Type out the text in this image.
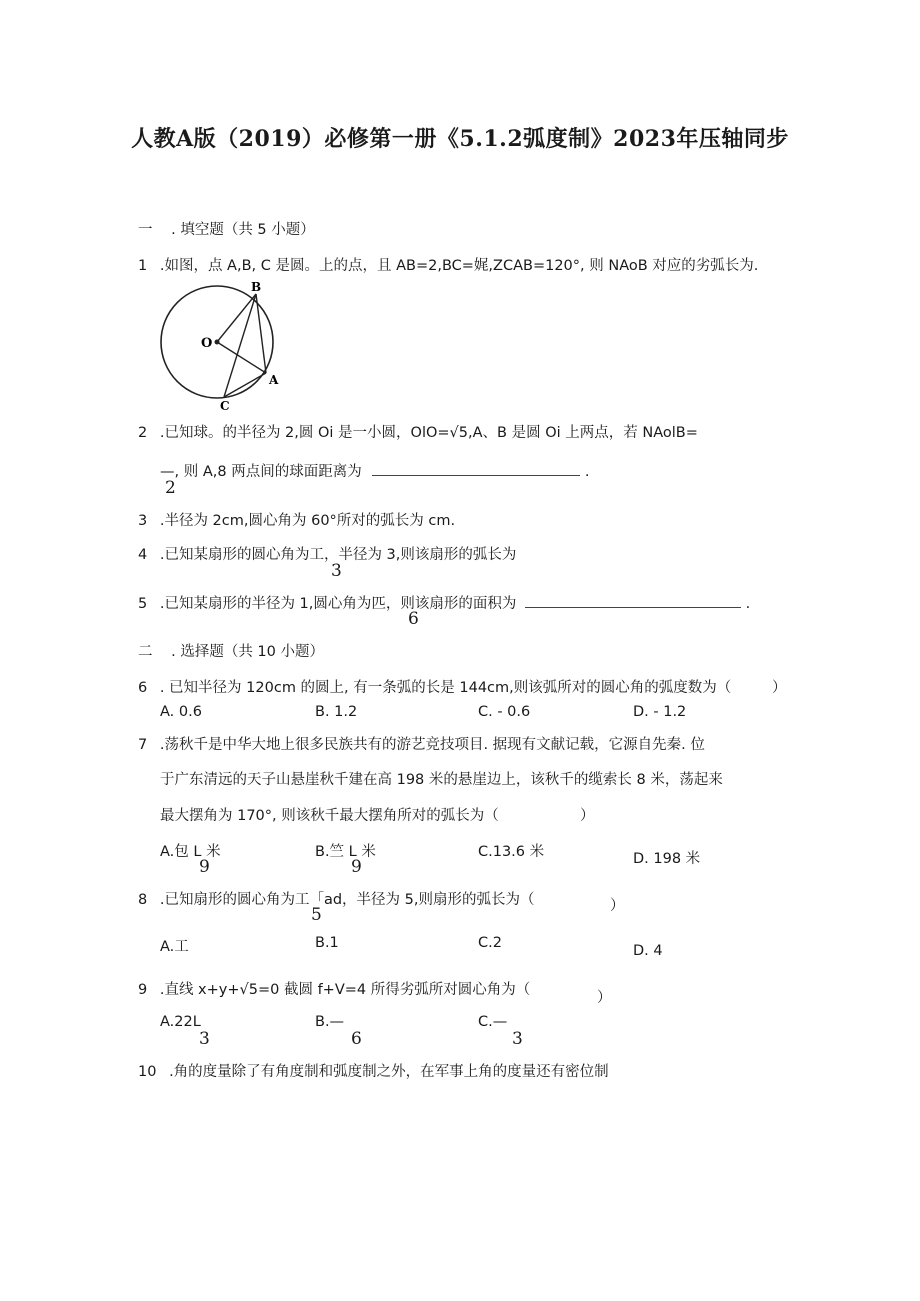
人教A版（2019）必修第一册《5.1.2弧度制》2023年压轴同步
一 . 填空题（共 5 小题）
1 .如图，点 A,B, C 是圆。上的点，且 AB=2,BC=娓,ZCAB=120°, 则 NAoB 对应的劣弧长为.
O
B
A
C
2 .已知球。的半径为 2,圆 Oi 是一小圆，OlO=√5,A、B 是圆 Oi 上两点，若 NAolB=
—, 则 A,8 两点间的球面距离为	.
2
3 .半径为 2cm,圆心角为 60°所对的弧长为 cm.
4 .已知某扇形的圆心角为工，半径为 3,则该扇形的弧长为
3
5 .已知某扇形的半径为 1,圆心角为匹，则该扇形的面积为	.
6
二 . 选择题（共 10 小题）
6 . 已知半径为 120cm 的圆上, 有一条弧的长是 144cm,则该弧所对的圆心角的弧度数为（	）
A. 0.6	B. 1.2	C. - 0.6	D. - 1.2
7 .荡秋千是中华大地上很多民族共有的游艺竞技项目. 据现有文献记载，它源自先秦. 位
于广东清远的天子山悬崖秋千建在高 198 米的悬崖边上，该秋千的缆索长 8 米，荡起来
最大摆角为 170°, 则该秋千最大摆角所对的弧长为（	）
A.包 L 米	B.竺 L 米	C.13.6 米	D. 198 米
9	9
8 .已知扇形的圆心角为工「ad，半径为 5,则扇形的弧长为（	）
5
A.工	B.1	C.2	D. 4
9 .直线 x+y+√5=0 截圆 f+V=4 所得劣弧所对圆心角为（	）
A.22L	B.—	C.—
3	6	3
10 .角的度量除了有角度制和弧度制之外，在军事上角的度量还有密位制
